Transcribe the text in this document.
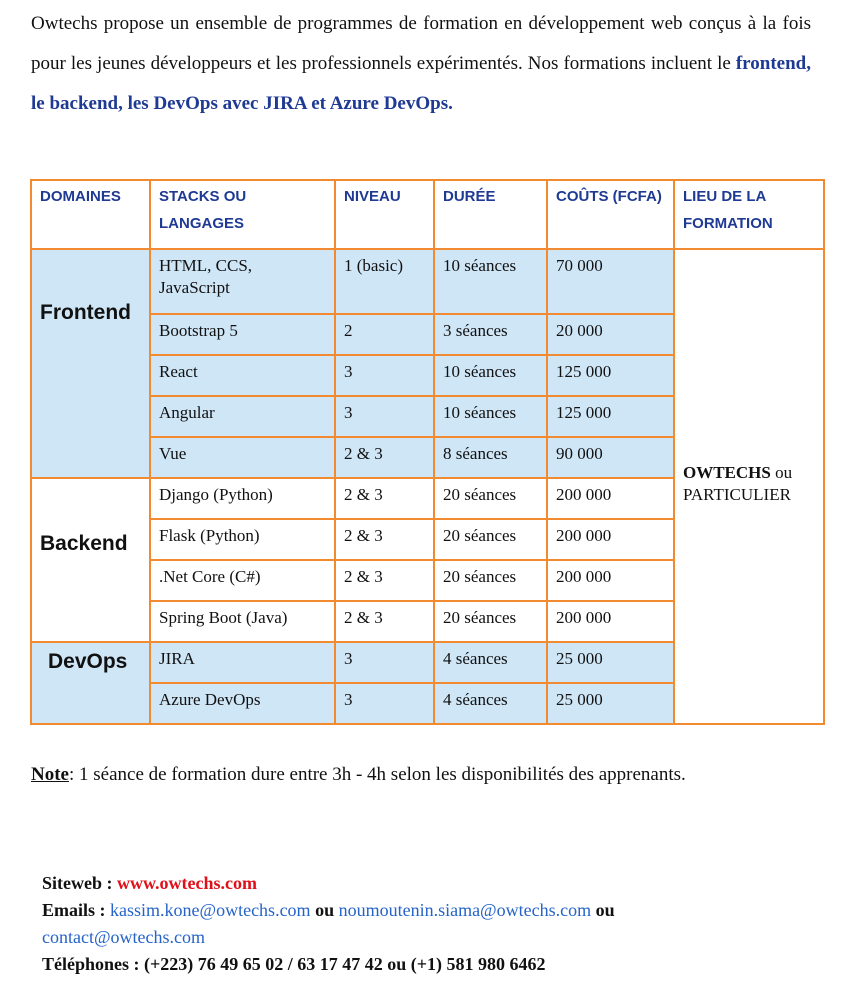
Owtechs propose un ensemble de programmes de formation en développement web conçus à la fois pour les jeunes développeurs et les professionnels expérimentés. Nos formations incluent le frontend, le backend, les DevOps avec JIRA et Azure DevOps.

DOMAINES	STACKS OU LANGAGES	NIVEAU	DURÉE	COÛTS (FCFA)	LIEU DE LA FORMATION

Frontend	HTML, CCS, JavaScript	1 (basic)	10 séances	70 000	OWTECHS ou
PARTICULIER
	Bootstrap 5	2	3 séances	20 000	
	React	3	10 séances	125 000	
	Angular	3	10 séances	125 000	
	Vue	2 & 3	8 séances	90 000	

Backend	Django (Python)	2 & 3	20 séances	200 000	
	Flask (Python)	2 & 3	20 séances	200 000	
	.Net Core (C#)	2 & 3	20 séances	200 000	
	Spring Boot (Java)	2 & 3	20 séances	200 000	

DevOps	JIRA	3	4 séances	25 000	
	Azure DevOps	3	4 séances	25 000	

Note: 1 séance de formation dure entre 3h - 4h selon les disponibilités des apprenants.

Siteweb : www.owtechs.com
Emails : kassim.kone@owtechs.com ou noumoutenin.siama@owtechs.com ou
contact@owtechs.com
Téléphones : (+223) 76 49 65 02 / 63 17 47 42 ou (+1) 581 980 6462
